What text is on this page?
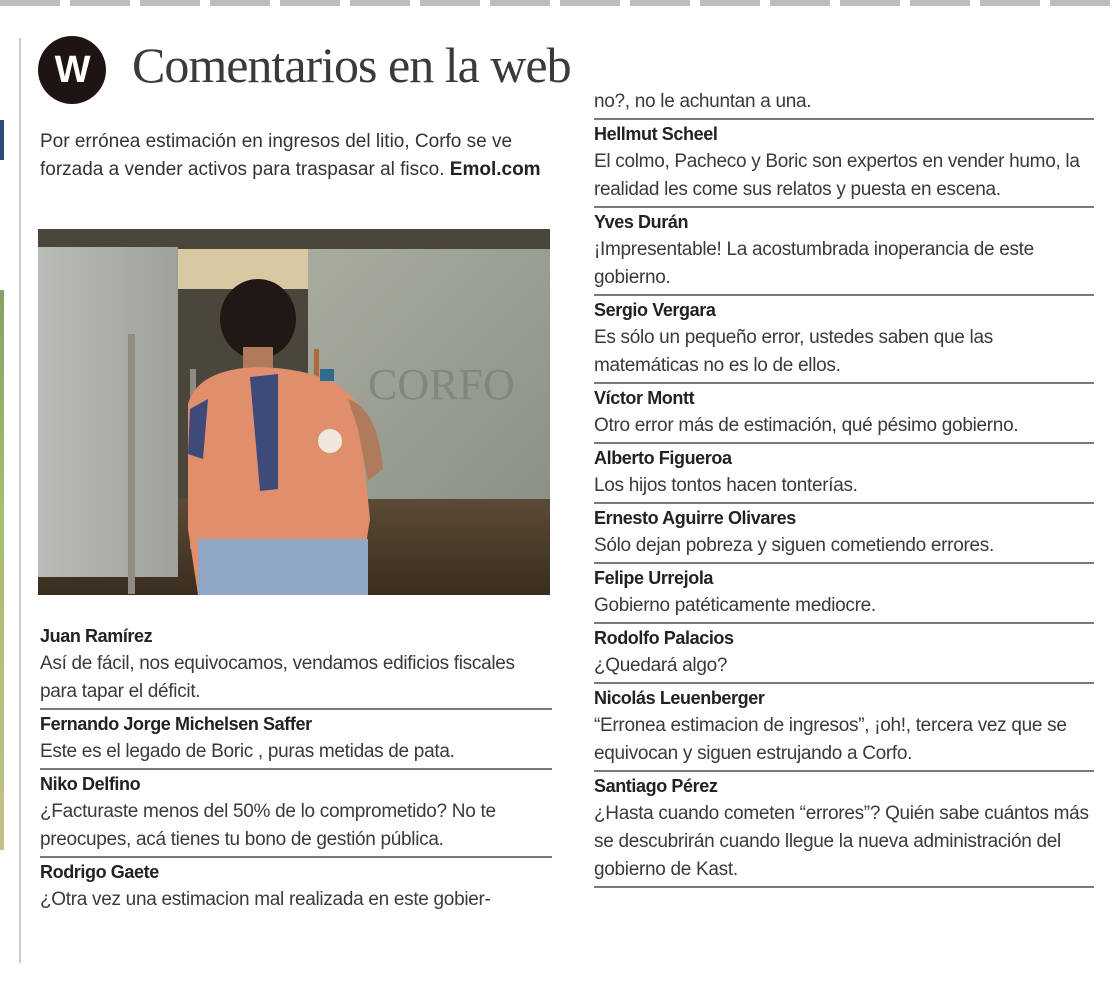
W Comentarios en la web
Por errónea estimación en ingresos del litio, Corfo se ve forzada a vender activos para traspasar al fisco. Emol.com
CORFO
Juan Ramírez
Así de fácil, nos equivocamos, vendamos edificios fiscales para tapar el déficit.
Fernando Jorge Michelsen Saffer
Este es el legado de Boric , puras metidas de pata.
Niko Delfino
¿Facturaste menos del 50% de lo comprometido? No te preocupes, acá tienes tu bono de gestión pública.
Rodrigo Gaete
¿Otra vez una estimacion mal realizada en este gobier-
no?, no le achuntan a una.
Hellmut Scheel
El colmo, Pacheco y Boric son expertos en vender humo, la realidad les come sus relatos y puesta en escena.
Yves Durán
¡Impresentable! La acostumbrada inoperancia de este gobierno.
Sergio Vergara
Es sólo un pequeño error, ustedes saben que las matemáticas no es lo de ellos.
Víctor Montt
Otro error más de estimación, qué pésimo gobierno.
Alberto Figueroa
Los hijos tontos hacen tonterías.
Ernesto Aguirre Olivares
Sólo dejan pobreza y siguen cometiendo errores.
Felipe Urrejola
Gobierno patéticamente mediocre.
Rodolfo Palacios
¿Quedará algo?
Nicolás Leuenberger
“Erronea estimacion de ingresos”, ¡oh!, tercera vez que se equivocan y siguen estrujando a Corfo.
Santiago Pérez
¿Hasta cuando cometen “errores”? Quién sabe cuántos más se descubrirán cuando llegue la nueva administración del gobierno de Kast.
